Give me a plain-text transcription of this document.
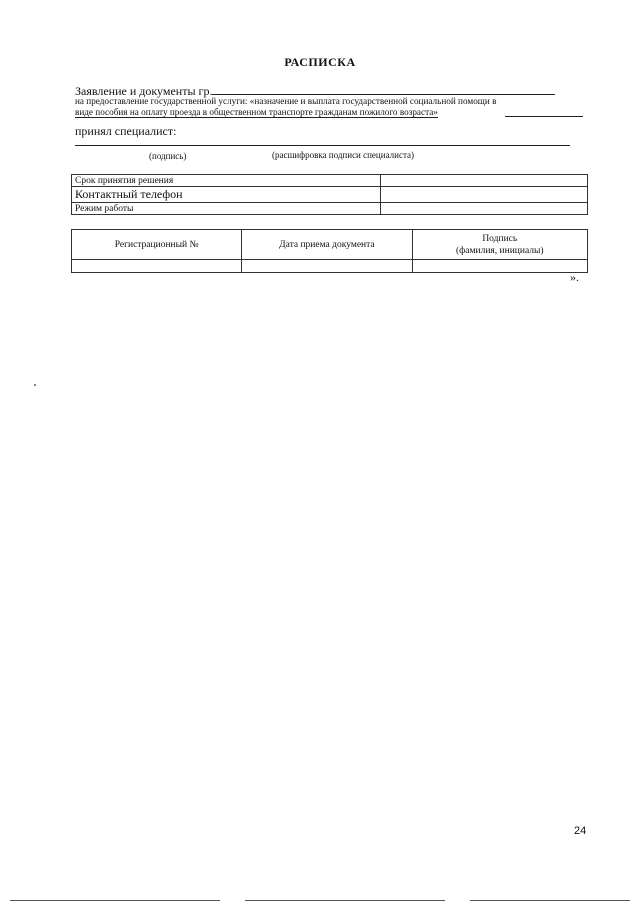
РАСПИСКА
Заявление и документы гр.
на предоставление государственной услуги: «назначение и выплата государственной социальной помощи в
виде пособия на оплату проезда в общественном транспорте гражданам пожилого возраста»
принял специалист:
(подпись)	(расшифровка подписи специалиста)
Срок принятия решения	
Контактный телефон	
Режим работы	
Регистрационный №	Дата приема документа	Подпись
(фамилия, инициалы)

».
24
